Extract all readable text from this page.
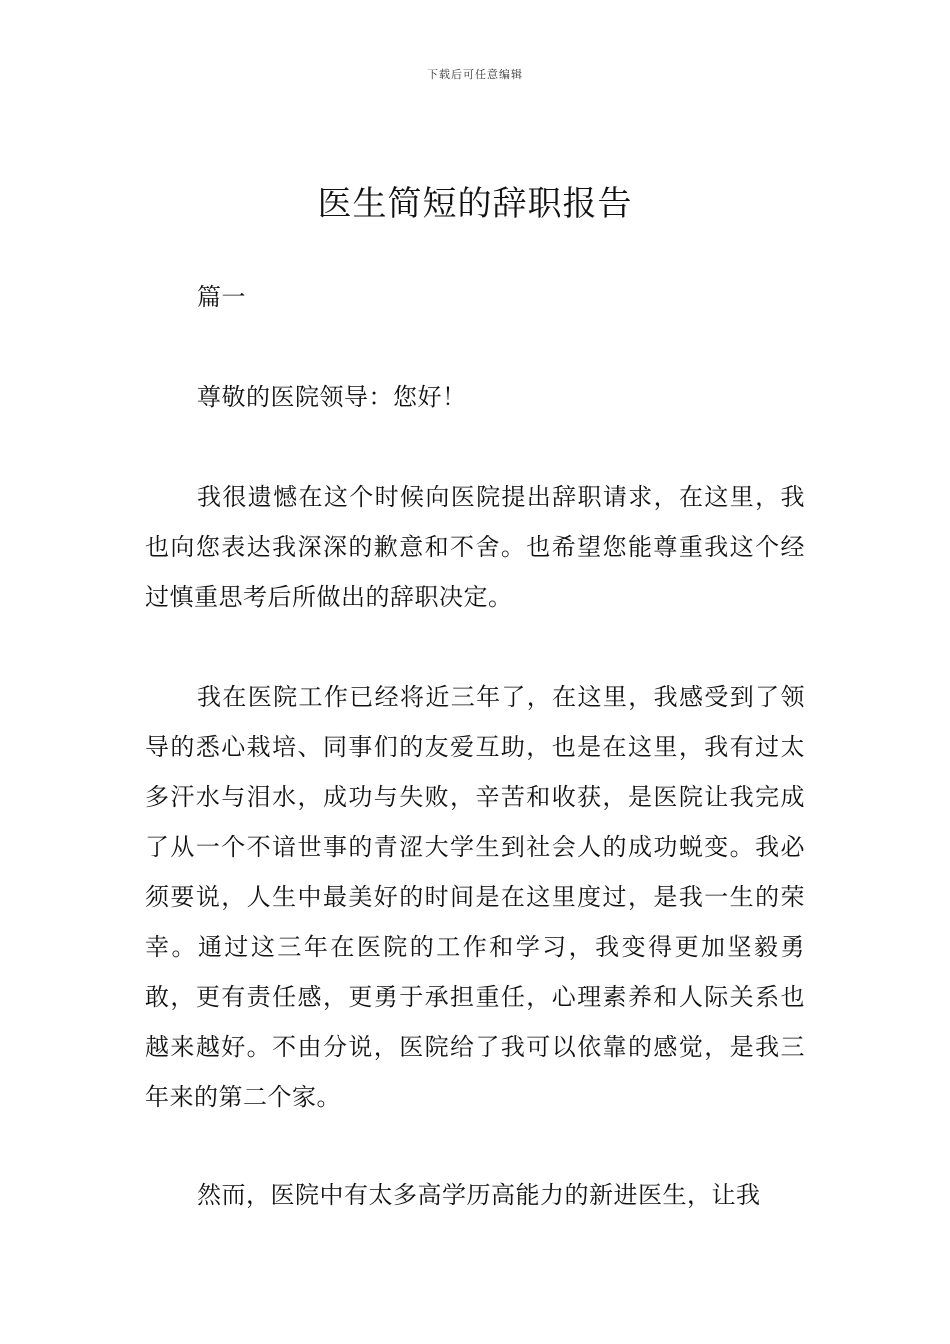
下载后可任意编辑
医生简短的辞职报告
篇一
尊敬的医院领导：您好！

我很遗憾在这个时候向医院提出辞职请求，在这里，我也向您表达我深深的歉意和不舍。也希望您能尊重我这个经过慎重思考后所做出的辞职决定。

我在医院工作已经将近三年了，在这里，我感受到了领导的悉心栽培、同事们的友爱互助，也是在这里，我有过太多汗水与泪水，成功与失败，辛苦和收获，是医院让我完成了从一个不谙世事的青涩大学生到社会人的成功蜕变。我必须要说，人生中最美好的时间是在这里度过，是我一生的荣幸。通过这三年在医院的工作和学习，我变得更加坚毅勇敢，更有责任感，更勇于承担重任，心理素养和人际关系也越来越好。不由分说，医院给了我可以依靠的感觉，是我三年来的第二个家。

然而，医院中有太多高学历高能力的新进医生，让我
